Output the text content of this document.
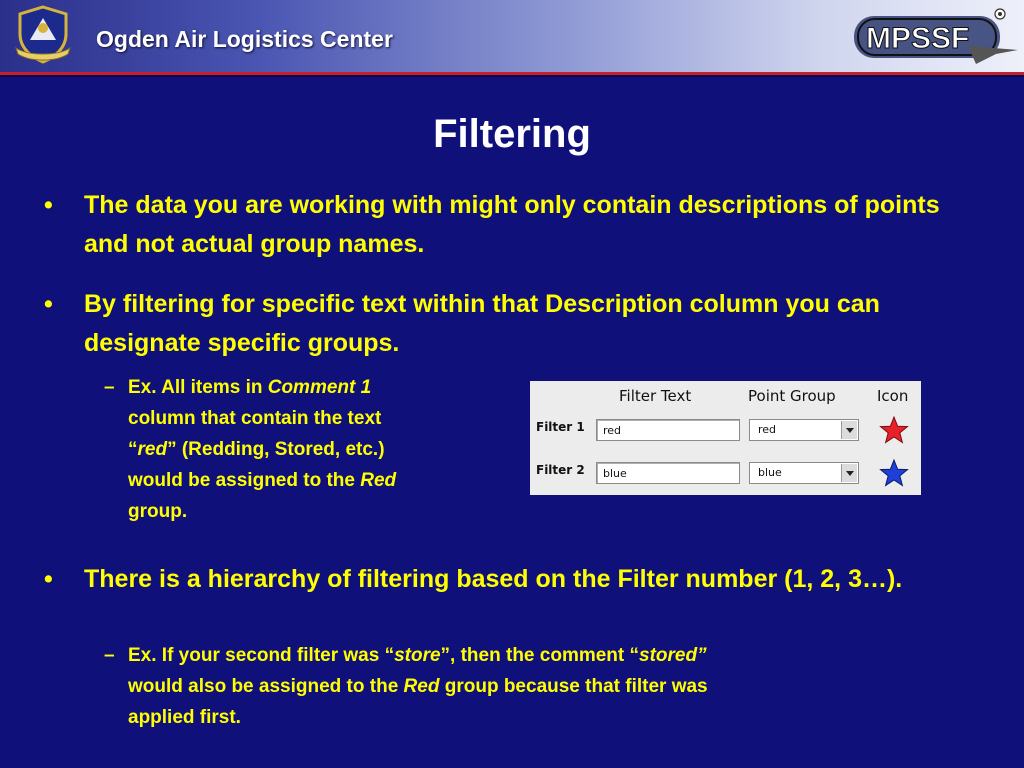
Ogden Air Logistics Center	MPSSF
Filtering
• The data you are working with might only contain descriptions of points and not actual group names.
• By filtering for specific text within that Description column you can designate specific groups.
– Ex. All items in Comment 1
column that contain the text
“red” (Redding, Stored, etc.)
would be assigned to the Red
group.
Filter Text	Point Group	Icon
Filter 1	red	red
Filter 2	blue	blue
• There is a hierarchy of filtering based on the Filter number (1, 2, 3…).
– Ex. If your second filter was “store”, then the comment “stored”
would also be assigned to the Red group because that filter was
applied first.
